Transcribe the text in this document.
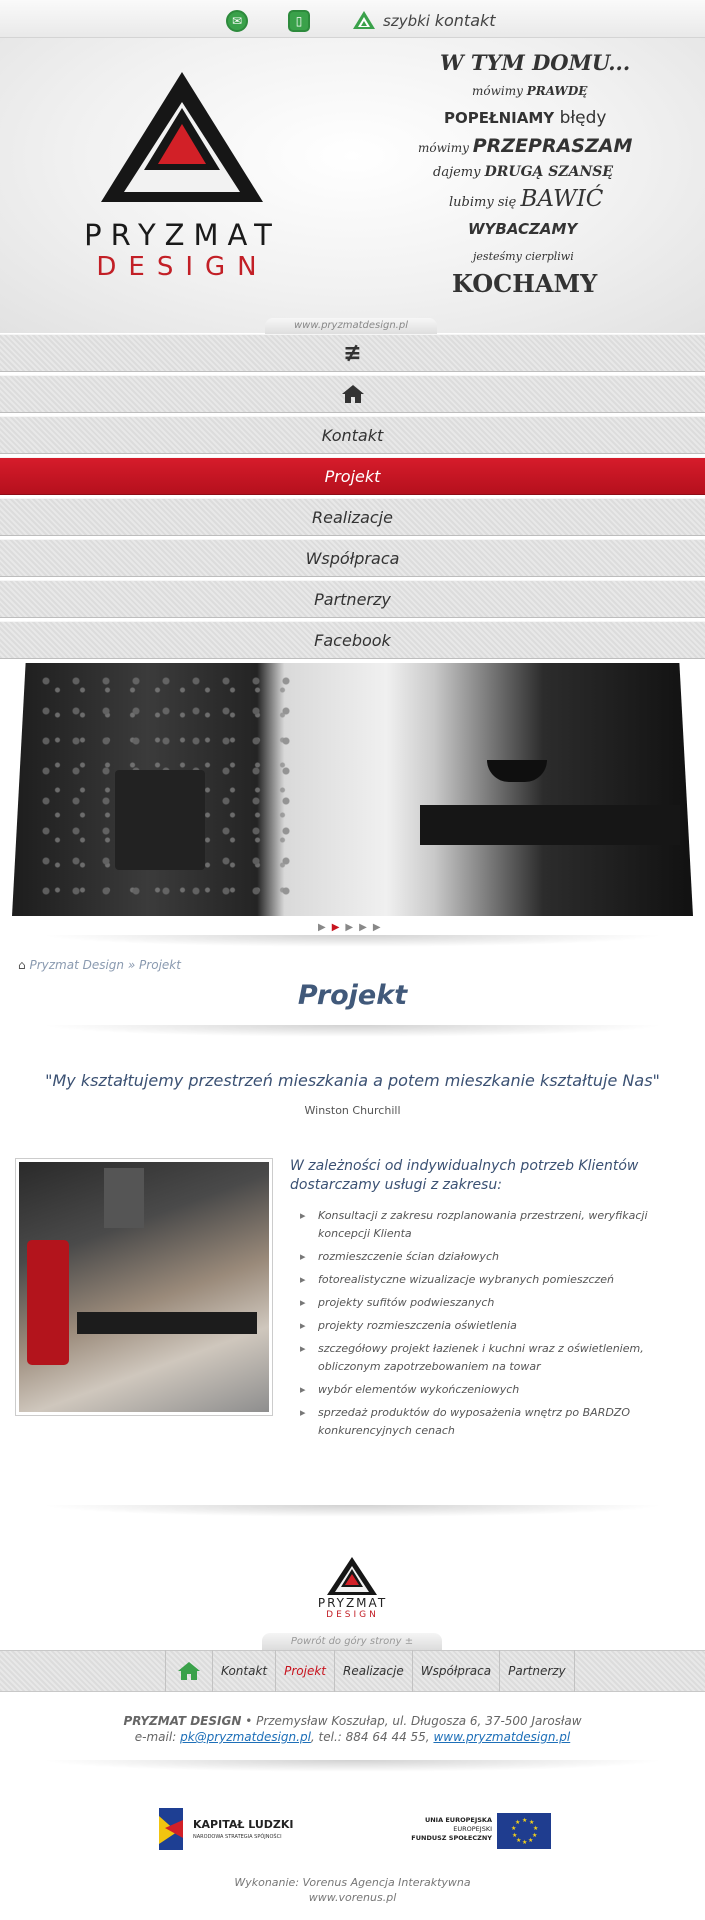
✉	▯	szybki kontakt
PRYZMAT
DESIGN
W TYM DOMU...
mówimy PRAWDĘ
POPEŁNIAMY błędy
mówimy PRZEPRASZAM
dajemy DRUGĄ SZANSĘ
lubimy się BAWIĆ
WYBACZAMY
jesteśmy cierpliwi
KOCHAMY
www.pryzmatdesign.pl
≢
Kontakt
Projekt
Realizacje
Współpraca
Partnerzy
Facebook
▶ ▶ ▶ ▶ ▶
⌂ Pryzmat Design » Projekt
Projekt
"My kształtujemy przestrzeń mieszkania a potem mieszkanie kształtuje Nas"
Winston Churchill
W zależności od indywidualnych potrzeb Klientów dostarczamy usługi z zakresu:
▸ Konsultacji z zakresu rozplanowania przestrzeni, weryfikacji koncepcji Klienta
▸ rozmieszczenie ścian działowych
▸ fotorealistyczne wizualizacje wybranych pomieszczeń
▸ projekty sufitów podwieszanych
▸ projekty rozmieszczenia oświetlenia
▸ szczegółowy projekt łazienek i kuchni wraz z oświetleniem, obliczonym zapotrzebowaniem na towar
▸ wybór elementów wykończeniowych
▸ sprzedaż produktów do wyposażenia wnętrz po BARDZO konkurencyjnych cenach
PRYZMAT
DESIGN
Powrót do góry strony ±
Kontakt	Projekt	Realizacje	Współpraca	Partnerzy
PRYZMAT DESIGN • Przemysław Koszułap, ul. Długosza 6, 37-500 Jarosław
e-mail: pk@pryzmatdesign.pl, tel.: 884 64 44 55, www.pryzmatdesign.pl
KAPITAŁ LUDZKI
NARODOWA STRATEGIA SPÓJNOŚCI
UNIA EUROPEJSKA
EUROPEJSKI
FUNDUSZ SPOŁECZNY
★ ★
★
★
★
★
★
★
★
★
Wykonanie: Vorenus Agencja Interaktywna
www.vorenus.pl
